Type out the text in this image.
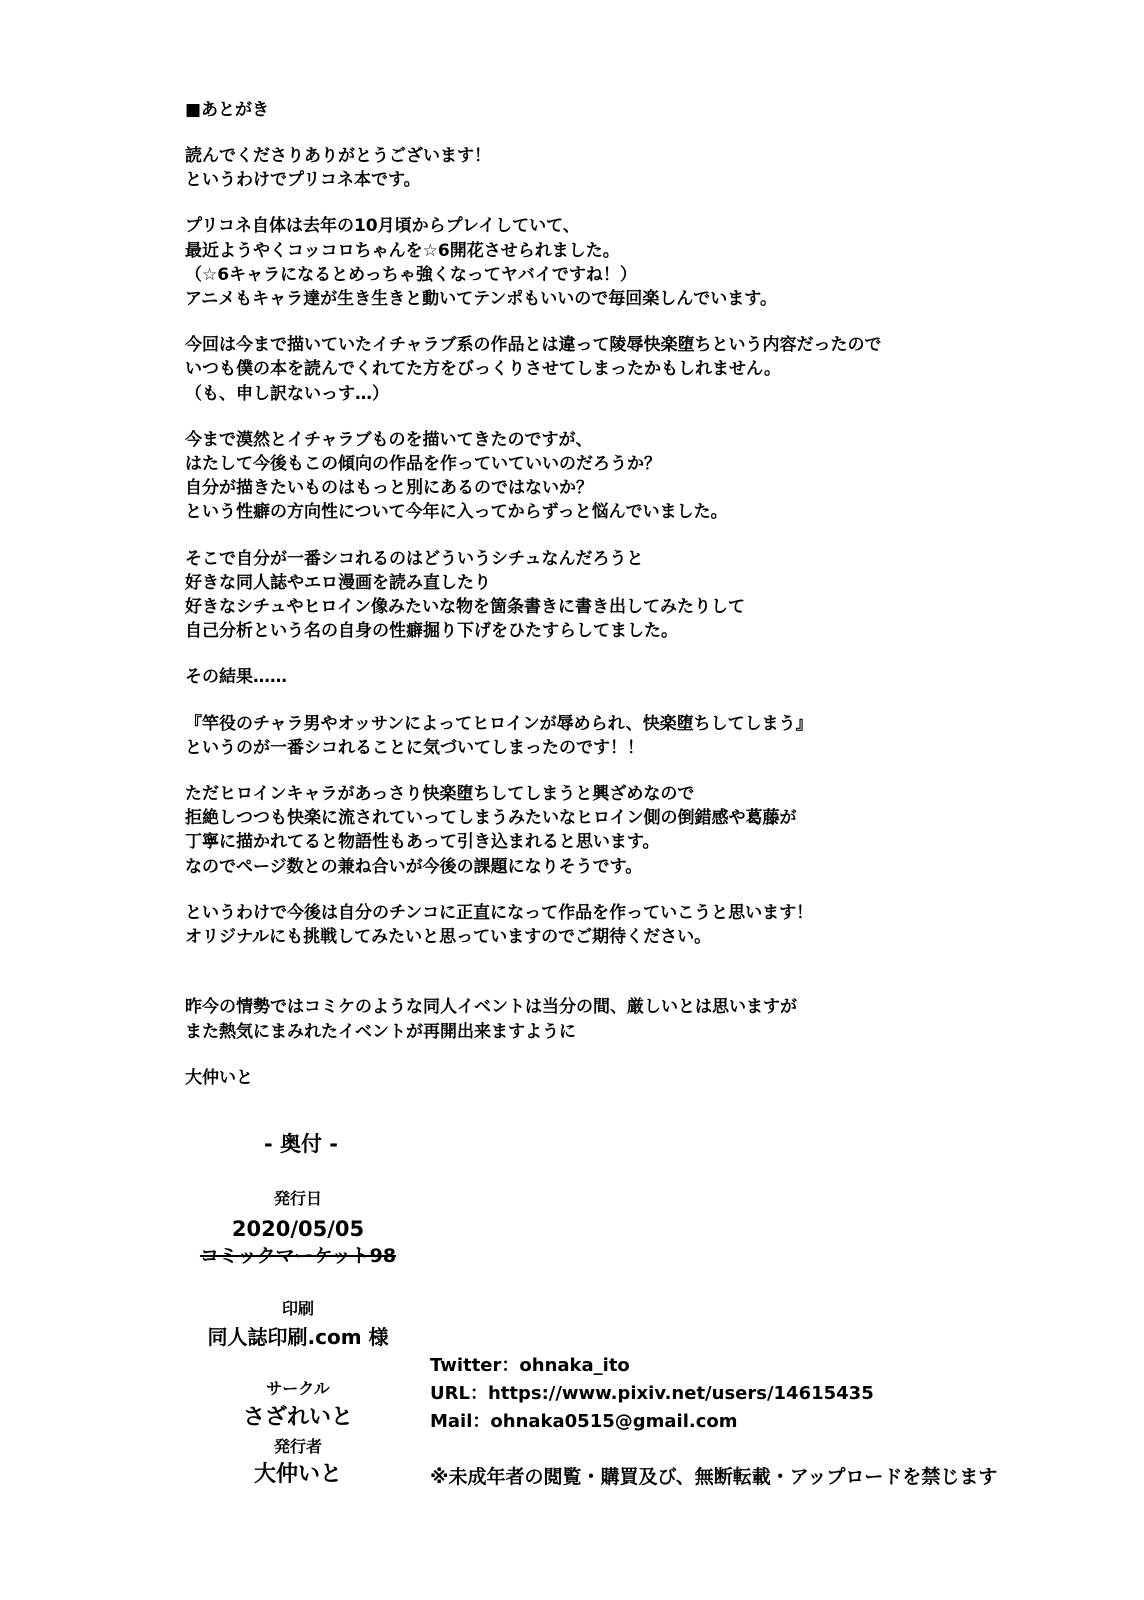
■あとがき
読んでくださりありがとうございます！
というわけでプリコネ本です。
プリコネ自体は去年の10月頃からプレイしていて、
最近ようやくコッコロちゃんを☆6開花させられました。
（☆6キャラになるとめっちゃ強くなってヤバイですね！）
アニメもキャラ達が生き生きと動いてテンポもいいので毎回楽しんでいます。
今回は今まで描いていたイチャラブ系の作品とは違って陵辱快楽堕ちという内容だったので
いつも僕の本を読んでくれてた方をびっくりさせてしまったかもしれません。
（も、申し訳ないっす…）
今まで漠然とイチャラブものを描いてきたのですが、
はたして今後もこの傾向の作品を作っていていいのだろうか？
自分が描きたいものはもっと別にあるのではないか？
という性癖の方向性について今年に入ってからずっと悩んでいました。
そこで自分が一番シコれるのはどういうシチュなんだろうと
好きな同人誌やエロ漫画を読み直したり
好きなシチュやヒロイン像みたいな物を箇条書きに書き出してみたりして
自己分析という名の自身の性癖掘り下げをひたすらしてました。
その結果……
『竿役のチャラ男やオッサンによってヒロインが辱められ、快楽堕ちしてしまう』
というのが一番シコれることに気づいてしまったのです！！
ただヒロインキャラがあっさり快楽堕ちしてしまうと興ざめなので
拒絶しつつも快楽に流されていってしまうみたいなヒロイン側の倒錯感や葛藤が
丁寧に描かれてると物語性もあって引き込まれると思います。
なのでページ数との兼ね合いが今後の課題になりそうです。
というわけで今後は自分のチンコに正直になって作品を作っていこうと思います！
オリジナルにも挑戦してみたいと思っていますのでご期待ください。
昨今の情勢ではコミケのような同人イベントは当分の間、厳しいとは思いますが
また熱気にまみれたイベントが再開出来ますように
大仲いと
- 奥付 -
発行日
2020/05/05
コミックマーケット98
印刷
同人誌印刷.com 様
サークル
さざれいと
発行者
大仲いと
Twitter：ohnaka_ito
URL：https://www.pixiv.net/users/14615435
Mail：ohnaka0515@gmail.com
※未成年者の閲覧・購買及び、無断転載・アップロードを禁じます
